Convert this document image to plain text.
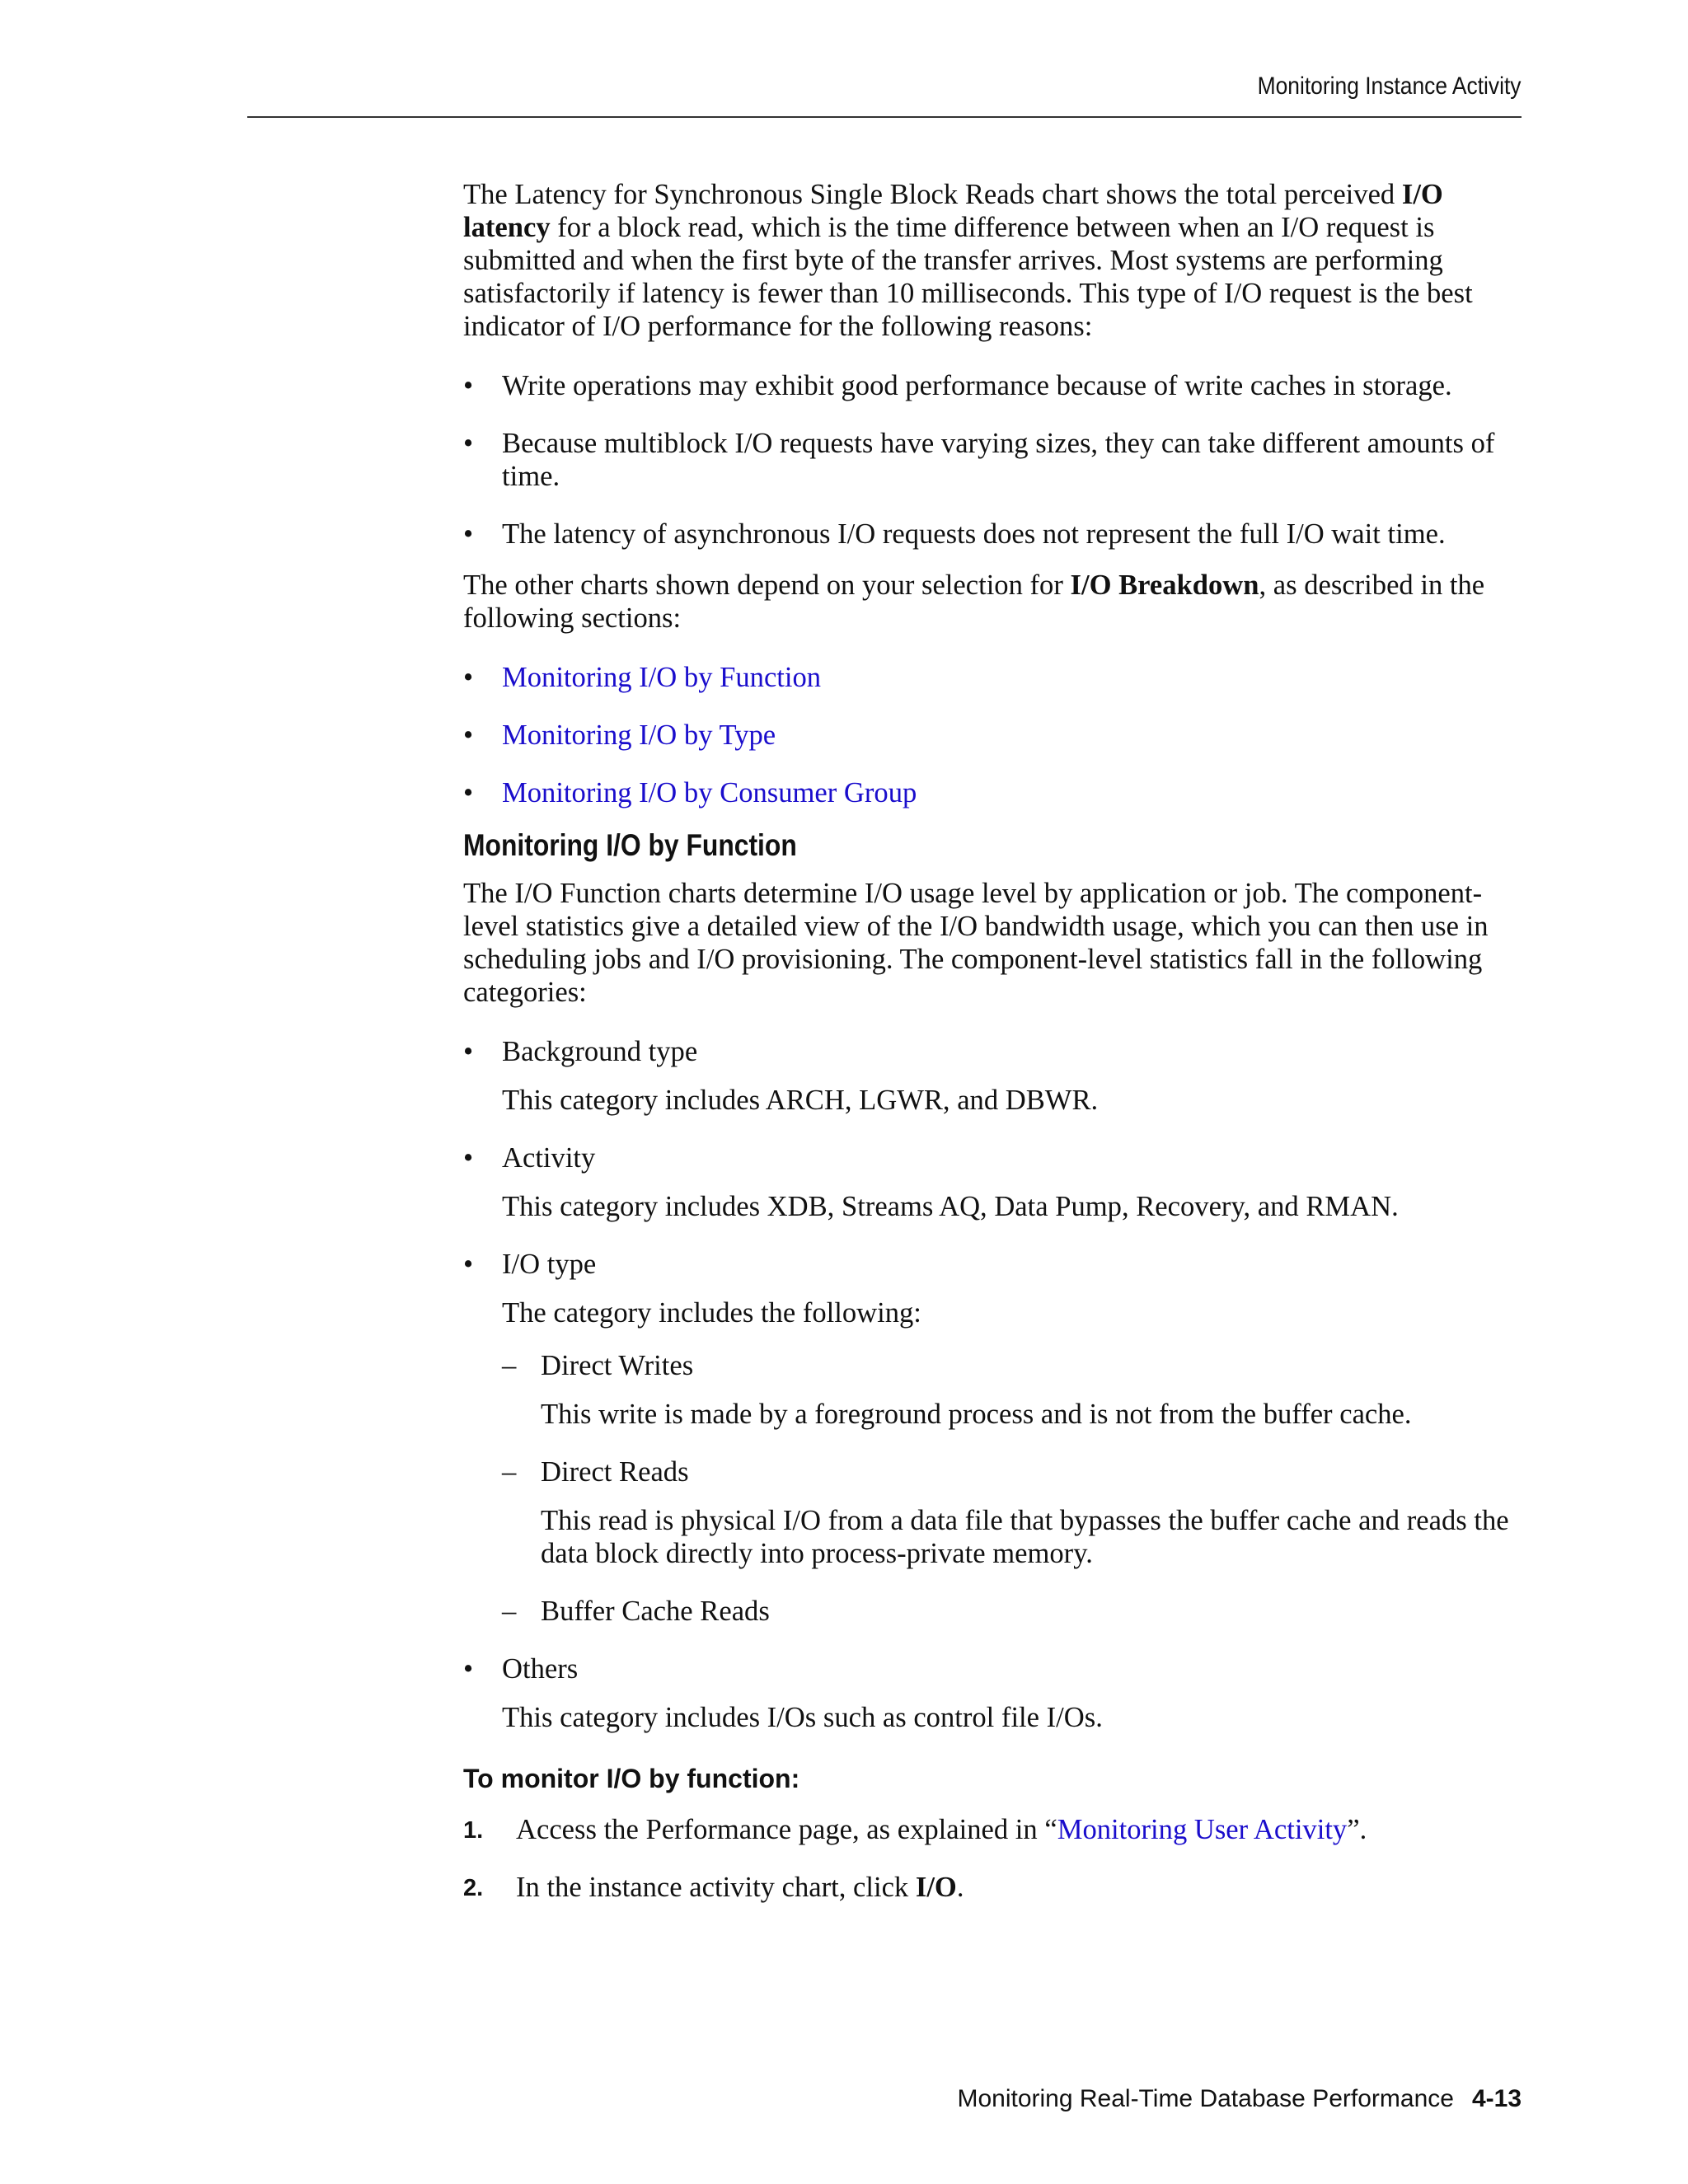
Monitoring Instance Activity

The Latency for Synchronous Single Block Reads chart shows the total perceived I/O latency for a block read, which is the time difference between when an I/O request is submitted and when the first byte of the transfer arrives. Most systems are performing satisfactorily if latency is fewer than 10 milliseconds. This type of I/O request is the best indicator of I/O performance for the following reasons:

• Write operations may exhibit good performance because of write caches in storage.
• Because multiblock I/O requests have varying sizes, they can take different amounts of time.
• The latency of asynchronous I/O requests does not represent the full I/O wait time.

The other charts shown depend on your selection for I/O Breakdown, as described in the following sections:

• Monitoring I/O by Function
• Monitoring I/O by Type
• Monitoring I/O by Consumer Group
Monitoring I/O by Function

The I/O Function charts determine I/O usage level by application or job. The component-level statistics give a detailed view of the I/O bandwidth usage, which you can then use in scheduling jobs and I/O provisioning. The component-level statistics fall in the following categories:

• Background type

This category includes ARCH, LGWR, and DBWR.

• Activity

This category includes XDB, Streams AQ, Data Pump, Recovery, and RMAN.

• I/O type

The category includes the following:

– Direct Writes

This write is made by a foreground process and is not from the buffer cache.

– Direct Reads

This read is physical I/O from a data file that bypasses the buffer cache and reads the data block directly into process-private memory.

– Buffer Cache Reads
• Others

This category includes I/Os such as control file I/Os.

To monitor I/O by function:
1. Access the Performance page, as explained in “Monitoring User Activity”.
2. In the instance activity chart, click I/O.
Monitoring Real-Time Database Performance 4-13
